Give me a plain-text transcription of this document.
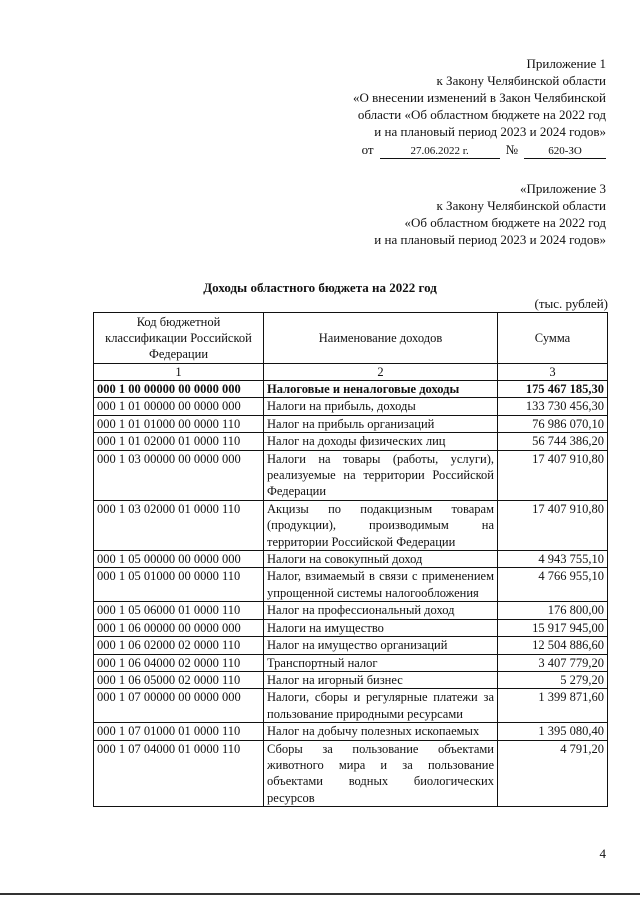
Приложение 1
к Закону Челябинской области
«О внесении изменений в Закон Челябинской
области «Об областном бюджете на 2022 год
и на плановый период 2023 и 2024 годов»
от	27.06.2022 г.	№	620-ЗО
«Приложение 3
к Закону Челябинской области
«Об областном бюджете на 2022 год
и на плановый период 2023 и 2024 годов»
Доходы областного бюджета на 2022 год
(тыс. рублей)
Код бюджетной классификации Российской Федерации	Наименование доходов	Сумма
1	2	3
000 1 00 00000 00 0000 000	Налоговые и неналоговые доходы	175 467 185,30
000 1 01 00000 00 0000 000	Налоги на прибыль, доходы	133 730 456,30
000 1 01 01000 00 0000 110	Налог на прибыль организаций	76 986 070,10
000 1 01 02000 01 0000 110	Налог на доходы физических лиц	56 744 386,20
000 1 03 00000 00 0000 000	Налоги на товары (работы, услуги), реализуемые на территории Российской Федерации	17 407 910,80
000 1 03 02000 01 0000 110	Акцизы по подакцизным товарам (продукции), производимым на территории Российской Федерации	17 407 910,80
000 1 05 00000 00 0000 000	Налоги на совокупный доход	4 943 755,10
000 1 05 01000 00 0000 110	Налог, взимаемый в связи с применением упрощенной системы налогообложения	4 766 955,10
000 1 05 06000 01 0000 110	Налог на профессиональный доход	176 800,00
000 1 06 00000 00 0000 000	Налоги на имущество	15 917 945,00
000 1 06 02000 02 0000 110	Налог на имущество организаций	12 504 886,60
000 1 06 04000 02 0000 110	Транспортный налог	3 407 779,20
000 1 06 05000 02 0000 110	Налог на игорный бизнес	5 279,20
000 1 07 00000 00 0000 000	Налоги, сборы и регулярные платежи за пользование природными ресурсами	1 399 871,60
000 1 07 01000 01 0000 110	Налог на добычу полезных ископаемых	1 395 080,40
000 1 07 04000 01 0000 110	Сборы за пользование объектами животного мира и за пользование объектами водных биологических ресурсов	4 791,20
4
